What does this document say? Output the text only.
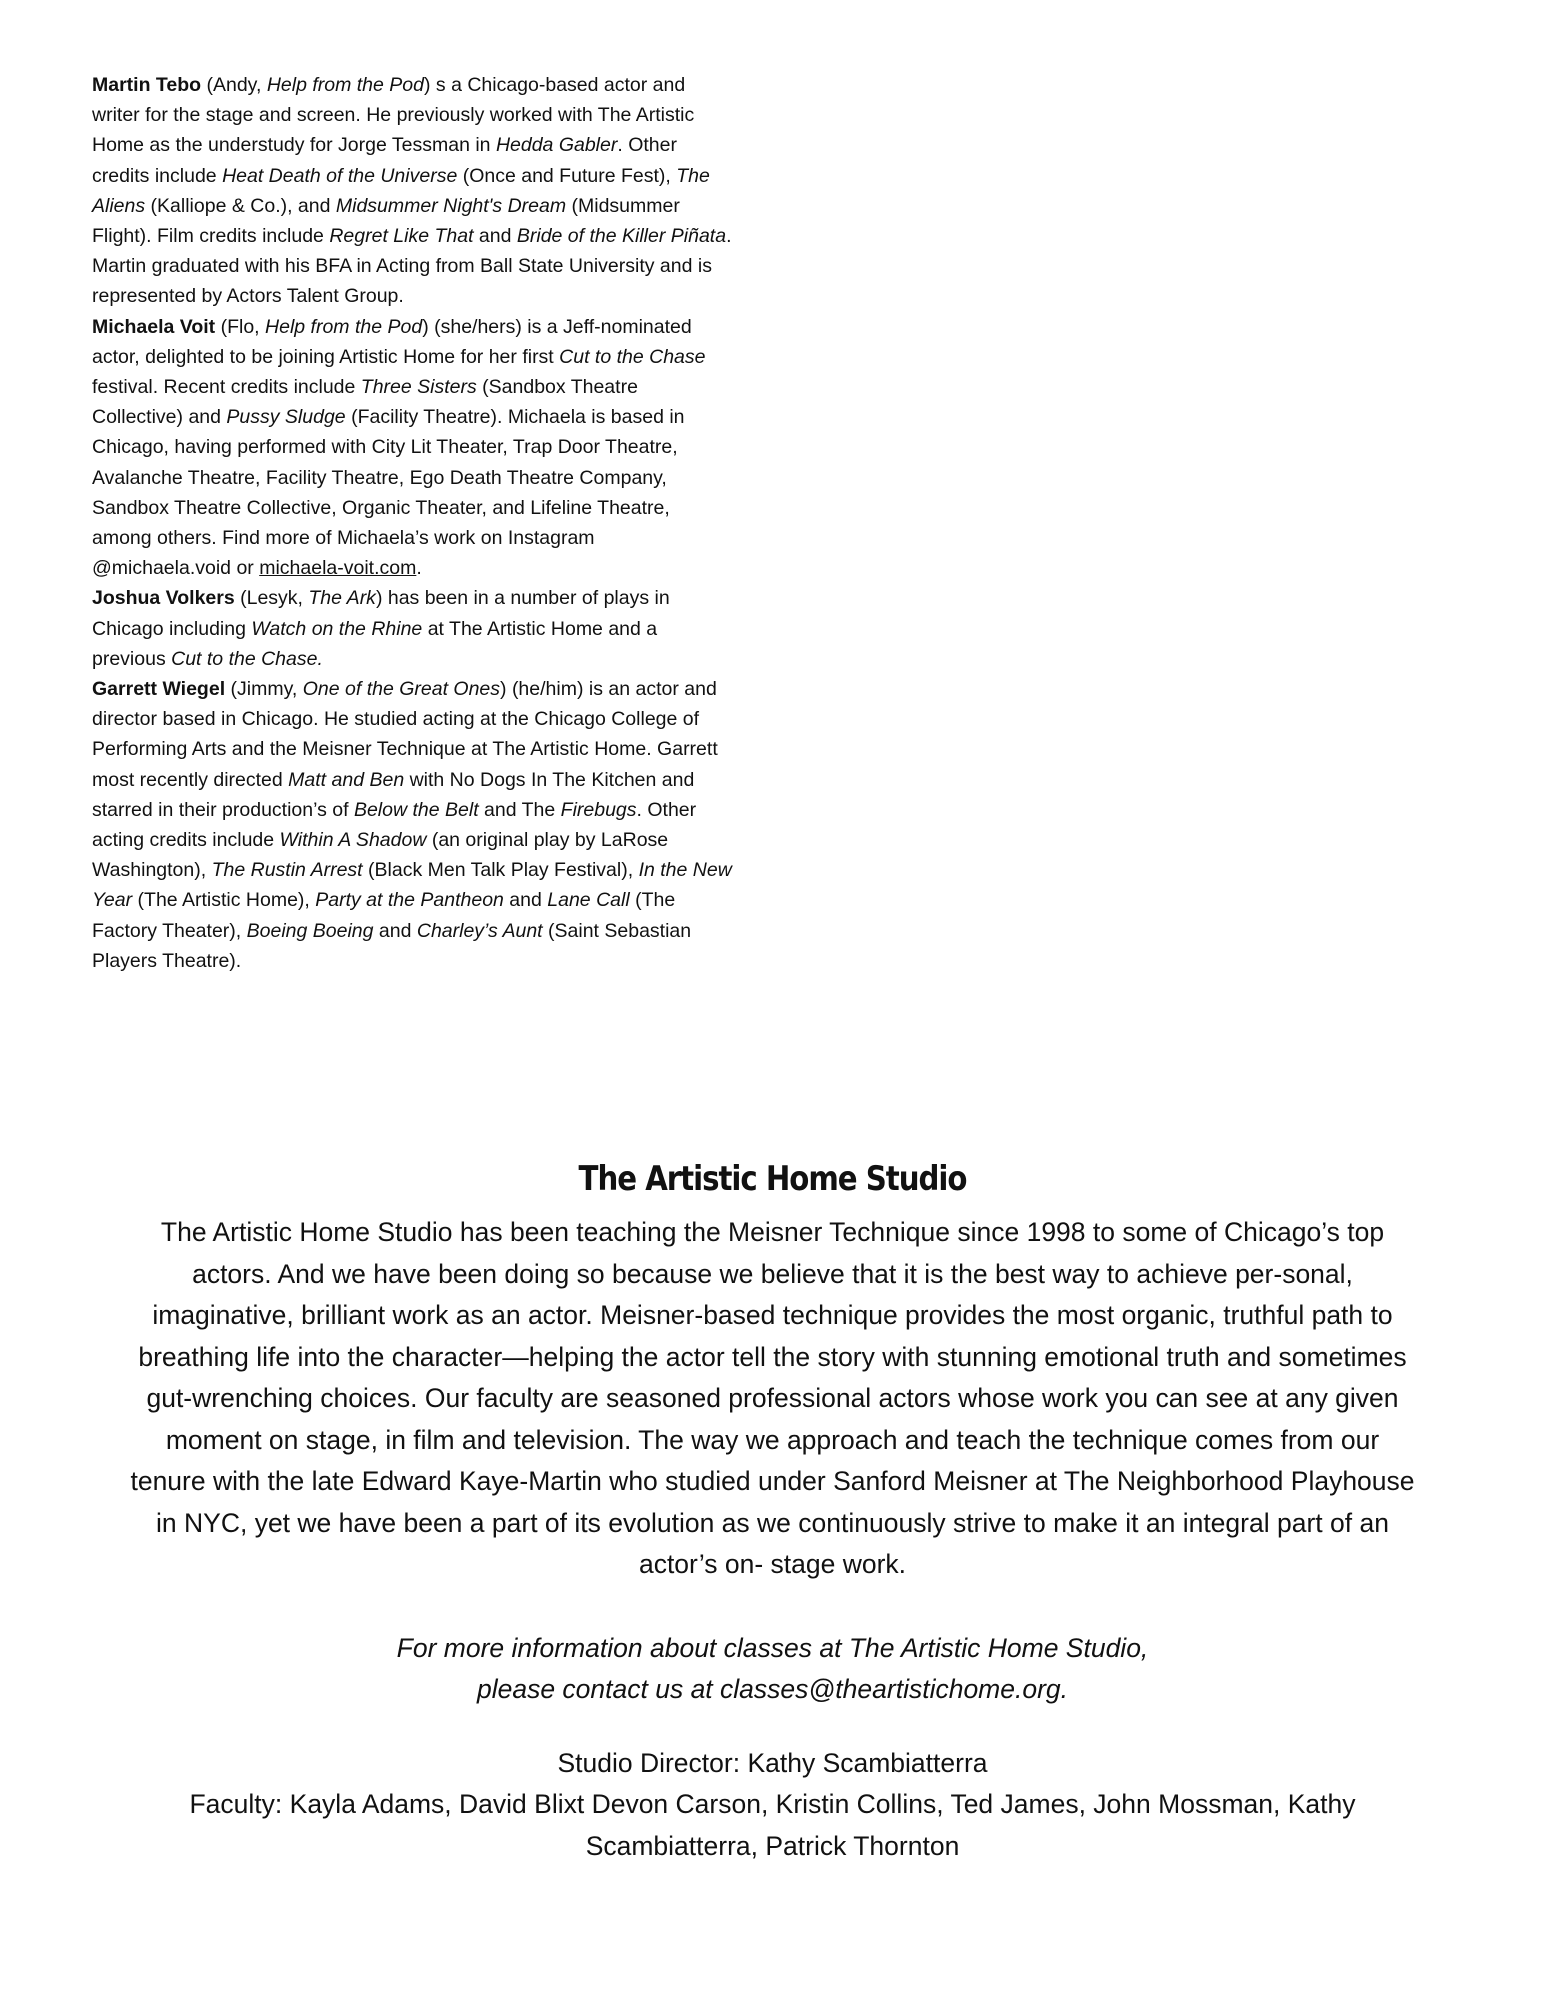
Martin Tebo (Andy, Help from the Pod) s a Chicago-based actor and writer for the stage and screen. He previously worked with The Artistic Home as the understudy for Jorge Tessman in Hedda Gabler. Other credits include Heat Death of the Universe (Once and Future Fest), The Aliens (Kalliope & Co.), and Midsummer Night's Dream (Midsummer Flight). Film credits include Regret Like That and Bride of the Killer Piñata. Martin graduated with his BFA in Acting from Ball State University and is represented by Actors Talent Group.

Michaela Voit (Flo, Help from the Pod) (she/hers) is a Jeff-nominated actor, delighted to be joining Artistic Home for her first Cut to the Chase festival. Recent credits include Three Sisters (Sandbox Theatre Collective) and Pussy Sludge (Facility Theatre). Michaela is based in Chicago, having performed with City Lit Theater, Trap Door Theatre, Avalanche Theatre, Facility Theatre, Ego Death Theatre Company, Sandbox Theatre Collective, Organic Theater, and Lifeline Theatre, among others. Find more of Michaela’s work on Instagram @michaela.void or michaela-voit.com.

Joshua Volkers (Lesyk, The Ark) has been in a number of plays in Chicago including Watch on the Rhine at The Artistic Home and a previous Cut to the Chase.

Garrett Wiegel (Jimmy, One of the Great Ones) (he/him) is an actor and director based in Chicago. He studied acting at the Chicago College of Performing Arts and the Meisner Technique at The Artistic Home. Garrett most recently directed Matt and Ben with No Dogs In The Kitchen and starred in their production’s of Below the Belt and The Firebugs. Other acting credits include Within A Shadow (an original play by LaRose Washington), The Rustin Arrest (Black Men Talk Play Festival), In the New Year (The Artistic Home), Party at the Pantheon and Lane Call (The Factory Theater), Boeing Boeing and Charley’s Aunt (Saint Sebastian Players Theatre).

The Artistic Home Studio

The Artistic Home Studio has been teaching the Meisner Technique since 1998 to some of Chicago’s top actors. And we have been doing so because we believe that it is the best way to achieve per-sonal, imaginative, brilliant work as an actor. Meisner-based technique provides the most organic, truthful path to breathing life into the character—helping the actor tell the story with stunning emotional truth and sometimes gut-wrenching choices. Our faculty are seasoned professional actors whose work you can see at any given moment on stage, in film and television. The way we approach and teach the technique comes from our tenure with the late Edward Kaye-Martin who studied under Sanford Meisner at The Neighborhood Playhouse in NYC, yet we have been a part of its evolution as we continuously strive to make it an integral part of an actor’s on- stage work.

For more information about classes at The Artistic Home Studio, please contact us at classes@theartistichome.org.

Studio Director: Kathy Scambiatterra

Faculty: Kayla Adams, David Blixt Devon Carson, Kristin Collins, Ted James, John Mossman, Kathy Scambiatterra, Patrick Thornton
